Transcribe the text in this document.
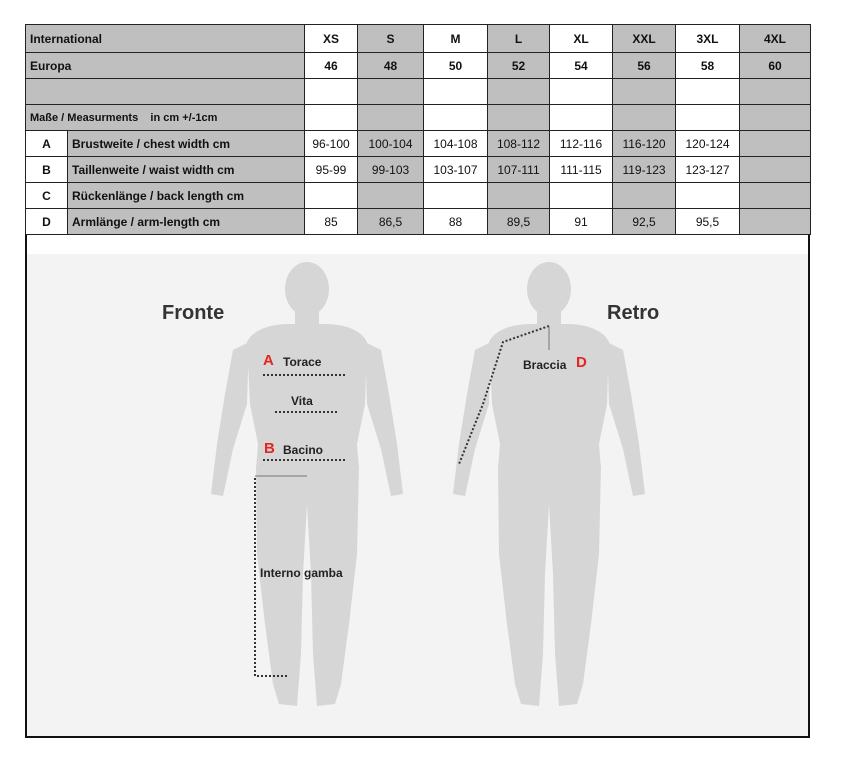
International		XS	S	M	L	XL	XXL	3XL	4XL
Europa		46	48	50	52	54	56	58	60

Maße / Measurments    in cm +/-1cm									
A	Brustweite / chest width cm	96-100	100-104	104-108	108-112	112-116	116-120	120-124	
B	Taillenweite / waist width cm	95-99	99-103	103-107	107-111	111-115	119-123	123-127	
C	Rückenlänge / back length cm								
D	Armlänge / arm-length cm	85	86,5	88	89,5	91	92,5	95,5	
Fronte	Retro
A Torace
Vita
B Bacino
Interno gamba
Braccia D
